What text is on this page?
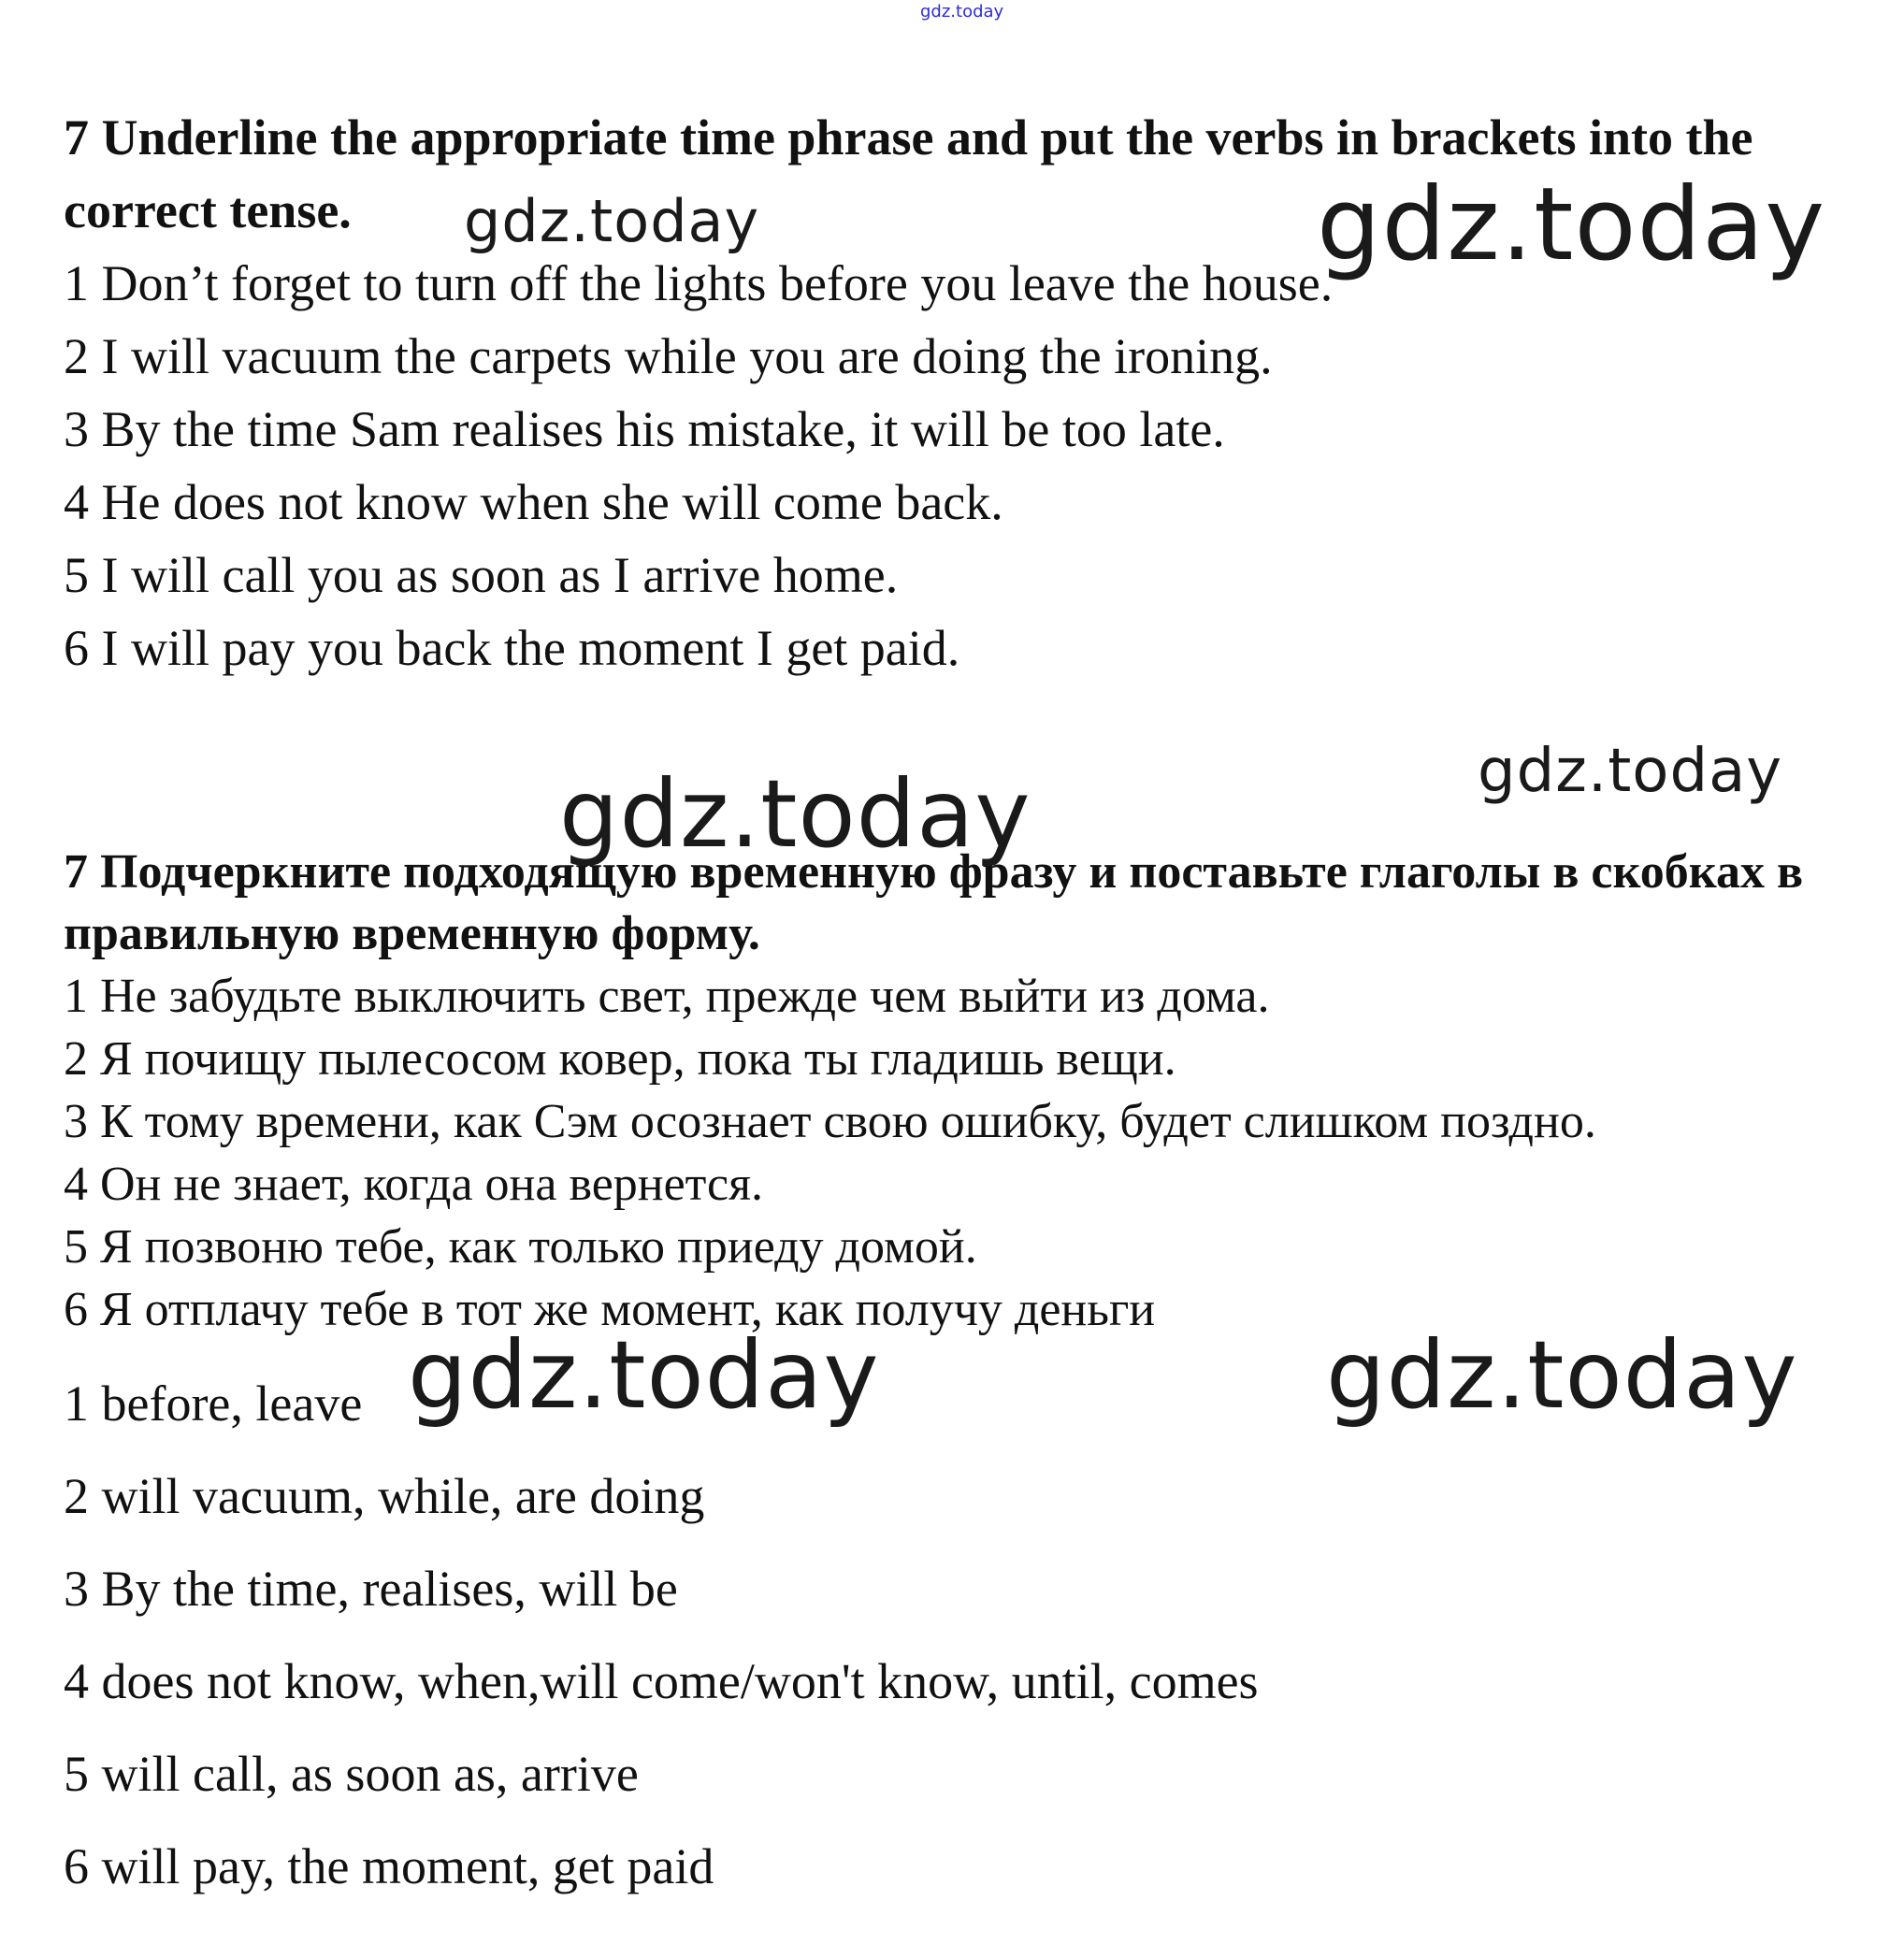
gdz.today

7 Underline the appropriate time phrase and put the verbs in brackets into the correct tense.

1 Don’t forget to turn off the lights before you leave the house.

2 I will vacuum the carpets while you are doing the ironing.

3 By the time Sam realises his mistake, it will be too late.

4 He does not know when she will come back.

5 I will call you as soon as I arrive home.

6 I will pay you back the moment I get paid.

7 Подчеркните подходящую временную фразу и поставьте глаголы в скобках в правильную временную форму.

1 Не забудьте выключить свет, прежде чем выйти из дома.

2 Я почищу пылесосом ковер, пока ты гладишь вещи.

3 К тому времени, как Сэм осознает свою ошибку, будет слишком поздно.

4 Он не знает, когда она вернется.

5 Я позвоню тебе, как только приеду домой.

6 Я отплачу тебе в тот же момент, как получу деньги

1 before, leave

2 will vacuum, while, are doing

3 By the time, realises, will be

4 does not know, when,will come/won't know, until, comes

5 will call, as soon as, arrive

6 will pay, the moment, get paid

gdz.today	gdz.today
gdz.today
gdz.today
gdz.today	gdz.today
